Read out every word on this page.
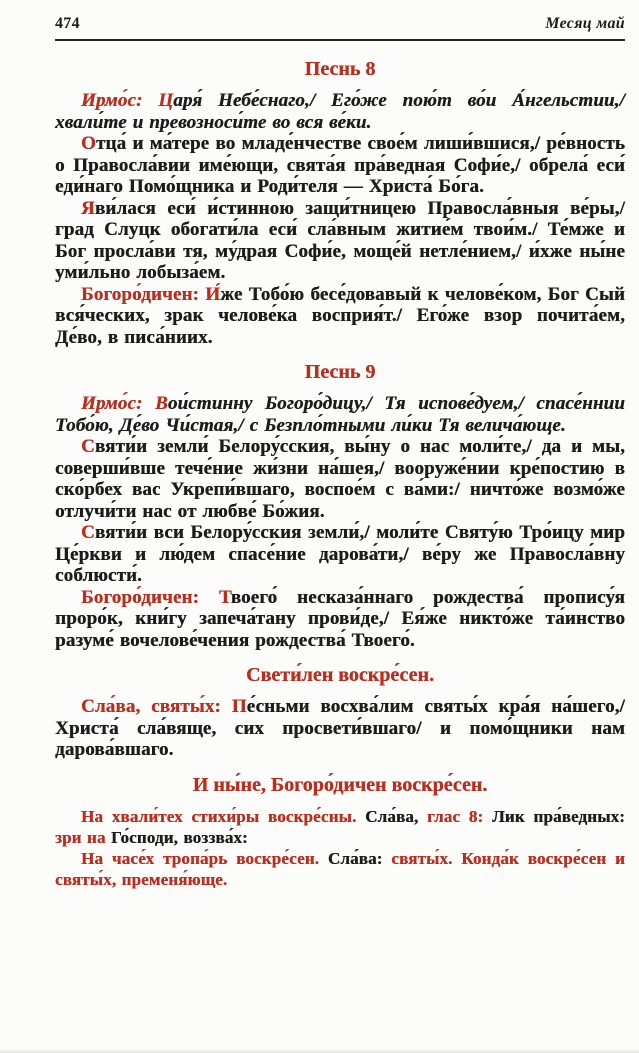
474	Месяц май
Песнь 8

Ирмо́с: Царя́ Небе́снаго,/ Его́же пою́т во́и А́нгельстии,/ хвали́те и превозноси́те во вся ве́ки.

Отца́ и ма́тере во младе́нчестве свое́м лиши́вшися,/ ре́вность о Правосла́вии име́ющи, свята́я пра́ведная Софи́е,/ обрела́ еси́ еди́наго Помо́щника и Роди́теля — Христа́ Бо́га.

Яви́лася еси́ и́стинною защи́тницею Правосла́вныя ве́ры,/ град Слуцк обогати́ла еси́ сла́вным житие́м твои́м./ Те́мже и Бог просла́ви тя, му́драя Софи́е, моще́й нетле́нием,/ и́хже ны́не уми́льно лобыза́ем.

Богоро́дичен: И́же Тобо́ю бесе́довавый к челове́ком, Бог Сый вся́ческих, зрак челове́ка восприя́т./ Его́же взор почита́ем, Де́во, в писа́ниих.

Песнь 9

Ирмо́с: Вои́стинну Богоро́дицу,/ Тя испове́дуем,/ спасе́ннии Тобо́ю, Де́во Чи́стая,/ с Безпло́тными ли́ки Тя велича́юще.

Святи́и земли́ Белору́сския, вы́ну о нас моли́те,/ да и мы, соверши́вше тече́ние жи́зни на́шея,/ вооруже́нии кре́постию в ско́рбех вас Укрепи́вшаго, воспое́м с ва́ми:/ ничто́же возмо́же отлучи́ти нас от любве́ Бо́жия.

Святи́и вси Белору́сския земли́,/ моли́те Святу́ю Тро́ицу мир Це́ркви и лю́дем спасе́ние дарова́ти,/ ве́ру же Правосла́вну соблюсти́.

Богоро́дичен: Твоего́ несказа́ннаго рождества́ пропису́я проро́к, кни́гу запеча́тану прови́де,/ Ея́же никто́же та́инство разуме́ вочелове́чения рождества́ Твоего́.

Свети́лен воскре́сен.

Сла́ва, святы́х: Пе́сньми восхва́лим святы́х кра́я на́шего,/ Христа́ сла́вяще, сих просвети́вшаго/ и помо́щники нам дарова́вшаго.

И ны́не, Богоро́дичен воскре́сен.

На хвали́тех стихи́ры воскре́сны. Сла́ва, глас 8: Лик пра́ведных: зри на Го́споди, воззва́х:

На часе́х тропа́рь воскре́сен. Сла́ва: святы́х. Конда́к воскре́сен и святы́х, пременя́юще.
